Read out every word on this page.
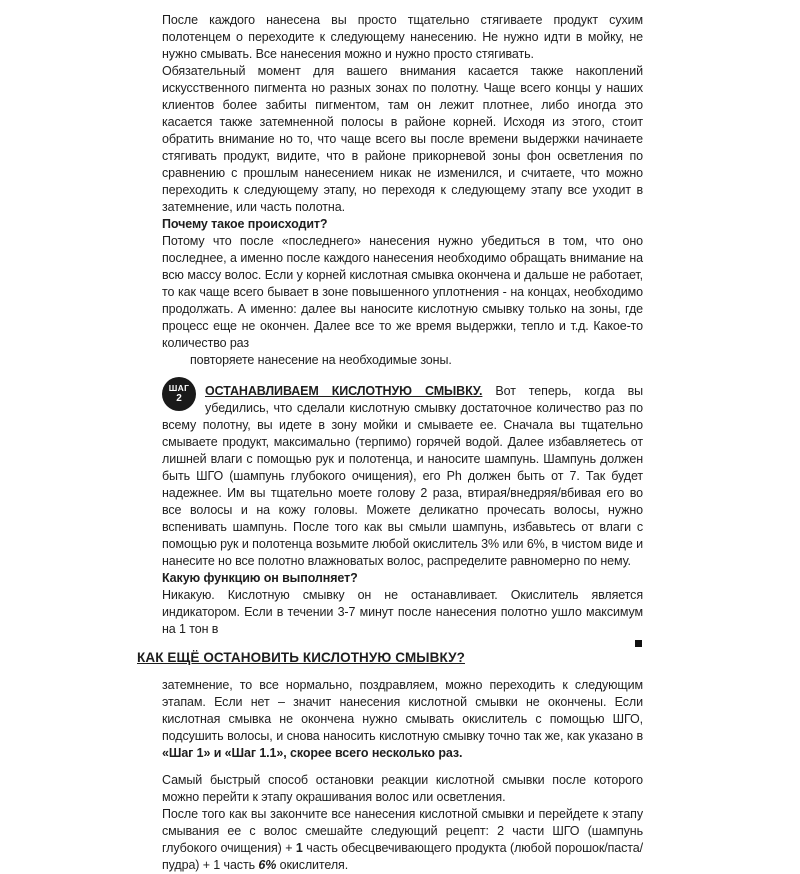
После каждого нанесена вы просто тщательно стягиваете продукт сухим полотенцем о переходите к следующему нанесению. Не нужно идти в мойку, не нужно смывать. Все нанесения можно и нужно просто стягивать.

Обязательный момент для вашего внимания касается также накоплений искусственного пигмента но разных зонах по полотну. Чаще всего концы у наших клиентов более забиты пигментом, там он лежит плотнее, либо иногда это касается также затемненной полосы в районе корней. Исходя из этого, стоит обратить внимание но то, что чаще всего вы после времени выдержки начинаете стягивать продукт, видите, что в районе прикорневой зоны фон осветления по сравнению с прошлым нанесением никак не изменился, и считаете, что можно переходить к следующему этапу, но переходя к следующему этапу все уходит в затемнение, или часть полотна.

Почему такое происходит?

Потому что после «последнего» нанесения нужно убедиться в том, что оно последнее, а именно после каждого нанесения необходимо обращать внимание на всю массу волос. Если у корней кислотная смывка окончена и дальше не работает, то как чаще всего бывает в зоне повышенного уплотнения - на концах, необходимо продолжать. А именно: далее вы наносите кислотную смывку только на зоны, где процесс еще не окончен. Далее все то же время выдержки, тепло и т.д. Какое-то количество раз

повторяете нанесение на необходимые зоны.

ШАГ
2
ОСТАНАВЛИВАЕМ КИСЛОТНУЮ СМЫВКУ. Вот теперь, когда вы убедились, что сделали кислотную смывку достаточное количество раз по всему полотну, вы идете в зону мойки и смываете ее. Сначала вы тщательно смываете продукт, максимально (терпимо) горячей водой. Далее избавляетесь от лишней влаги с помощью рук и полотенца, и наносите шампунь. Шампунь должен быть ШГО (шампунь глубокого очищения), его Ph должен быть от 7. Так будет надежнее. Им вы тщательно моете голову 2 раза, втирая/внедряя/вбивая его во все волосы и на кожу головы. Можете деликатно прочесать волосы, нужно вспенивать шампунь. После того как вы смыли шампунь, избавьтесь от влаги с помощью рук и полотенца возьмите любой окислитель 3% или 6%, в чистом виде и нанесите но все полотно влажноватых волос, распределите равномерно по нему.

Какую функцию он выполняет?

Никакую. Кислотную смывку он не останавливает. Окислитель является индикатором. Если в течении 3-7 минут после нанесения полотно ушло максимум на 1 тон в

КАК ЕЩЁ ОСТАНОВИТЬ КИСЛОТНУЮ СМЫВКУ?

затемнение, то все нормально, поздравляем, можно переходить к следующим этапам. Если нет – значит нанесения кислотной смывки не окончены. Если кислотная смывка не окончена нужно смывать окислитель с помощью ШГО, подсушить волосы, и снова наносить кислотную смывку точно так же, как указано в «Шаг 1» и «Шаг 1.1», скорее всего несколько раз.

Самый быстрый способ остановки реакции кислотной смывки после которого можно перейти к этапу окрашивания волос или осветления.

После того как вы закончите все нанесения кислотной смывки и перейдете к этапу смывания ее с волос смешайте следующий рецепт: 2 части ШГО (шампунь глубокого очищения) + 1 часть обесцвечивающего продукта (любой порошок/паста/пудра) + 1 часть 6% окислителя.
